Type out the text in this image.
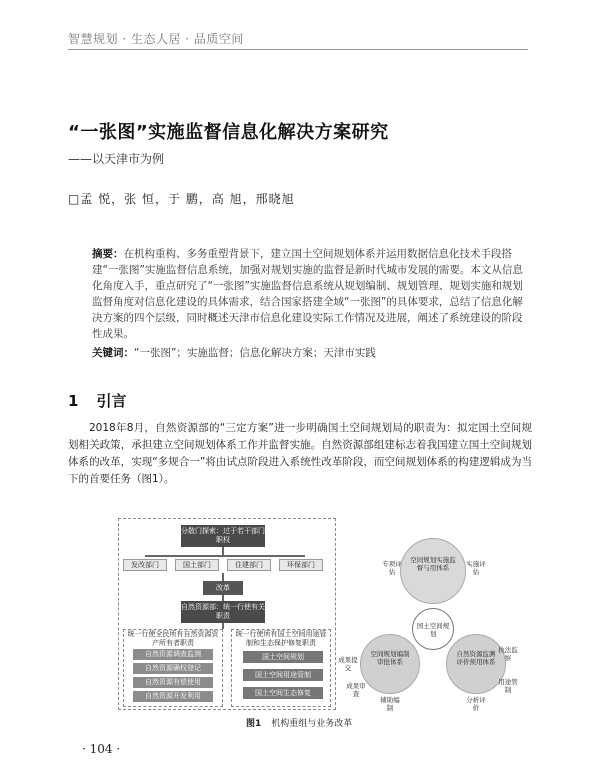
智慧规划 · 生态人居 · 品质空间
“一张图”实施监督信息化解决方案研究
——以天津市为例
□孟 悦，张 恒，于 鹏，高 旭，邢晓旭
摘要：在机构重构、多务重塑背景下，建立国土空间规划体系并运用数据信息化技术手段搭建“一张图”实施监督信息系统，加强对规划实施的监督是新时代城市发展的需要。本文从信息化角度入手，重点研究了“一张图”实施监督信息系统从规划编制、规划管理、规划实施和规划监督角度对信息化建设的具体需求，结合国家搭建全域“一张图”的具体要求，总结了信息化解决方案的四个层级，同时概述天津市信息化建设实际工作情况及进展，阐述了系统建设的阶段性成果。
关键词：“一张图”；实施监督；信息化解决方案；天津市实践
1 引言
2018年8月，自然资源部的“三定方案”进一步明确国土空间规划局的职责为：拟定国土空间规划相关政策，承担建立空间规划体系工作并监督实施。自然资源部组建标志着我国建立国土空间规划体系的改革，实现“多规合一”将由试点阶段进入系统性改革阶段，而空间规划体系的构建逻辑成为当下的首要任务（图1）。
分散门探索：过于若干部门职权
发改部门	国土部门	住建部门	环保部门
改革
自然资源部：统一行使有关职责
统一行使全民所有自然资源资产所有者职责
自然资源调查监测
自然资源确权登记
自然资源有偿使用
自然资源开发利用
统一行使所有国土空间用途管制和生态保护修复职责
国土空间规划
国土空间用途管制
国土空间生态修复
空间规划实施监督与用体系
专项评估
实施评估
国土空间规划
空间规划编制审批体系
成果提交
成果审查
辅助编制
自然资源监测评价预用体系
执法监察
用途管制
分析评价
图1 机构重组与业务改革
· 104 ·
